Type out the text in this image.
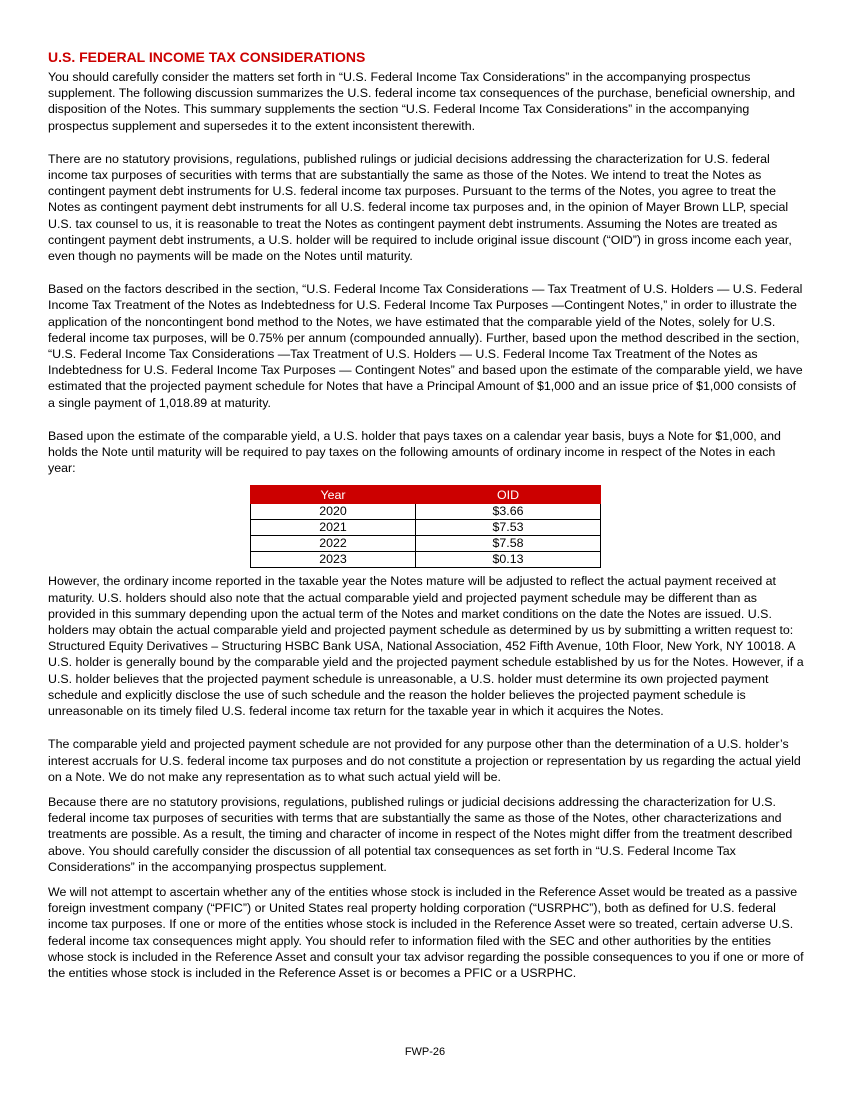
U.S. FEDERAL INCOME TAX CONSIDERATIONS

You should carefully consider the matters set forth in “U.S. Federal Income Tax Considerations” in the accompanying prospectus supplement. The following discussion summarizes the U.S. federal income tax consequences of the purchase, beneficial ownership, and disposition of the Notes. This summary supplements the section “U.S. Federal Income Tax Considerations” in the accompanying prospectus supplement and supersedes it to the extent inconsistent therewith.

There are no statutory provisions, regulations, published rulings or judicial decisions addressing the characterization for U.S. federal income tax purposes of securities with terms that are substantially the same as those of the Notes. We intend to treat the Notes as contingent payment debt instruments for U.S. federal income tax purposes. Pursuant to the terms of the Notes, you agree to treat the Notes as contingent payment debt instruments for all U.S. federal income tax purposes and, in the opinion of Mayer Brown LLP, special U.S. tax counsel to us, it is reasonable to treat the Notes as contingent payment debt instruments. Assuming the Notes are treated as contingent payment debt instruments, a U.S. holder will be required to include original issue discount (“OID”) in gross income each year, even though no payments will be made on the Notes until maturity.

Based on the factors described in the section, “U.S. Federal Income Tax Considerations — Tax Treatment of U.S. Holders — U.S. Federal Income Tax Treatment of the Notes as Indebtedness for U.S. Federal Income Tax Purposes —Contingent Notes,” in order to illustrate the application of the noncontingent bond method to the Notes, we have estimated that the comparable yield of the Notes, solely for U.S. federal income tax purposes, will be 0.75% per annum (compounded annually). Further, based upon the method described in the section, “U.S. Federal Income Tax Considerations —Tax Treatment of U.S. Holders — U.S. Federal Income Tax Treatment of the Notes as Indebtedness for U.S. Federal Income Tax Purposes — Contingent Notes” and based upon the estimate of the comparable yield, we have estimated that the projected payment schedule for Notes that have a Principal Amount of $1,000 and an issue price of $1,000 consists of a single payment of 1,018.89 at maturity.

Based upon the estimate of the comparable yield, a U.S. holder that pays taxes on a calendar year basis, buys a Note for $1,000, and holds the Note until maturity will be required to pay taxes on the following amounts of ordinary income in respect of the Notes in each year:

Year	OID
2020	$3.66
2021	$7.53
2022	$7.58
2023	$0.13

However, the ordinary income reported in the taxable year the Notes mature will be adjusted to reflect the actual payment received at maturity. U.S. holders should also note that the actual comparable yield and projected payment schedule may be different than as provided in this summary depending upon the actual term of the Notes and market conditions on the date the Notes are issued. U.S. holders may obtain the actual comparable yield and projected payment schedule as determined by us by submitting a written request to: Structured Equity Derivatives – Structuring HSBC Bank USA, National Association, 452 Fifth Avenue, 10th Floor, New York, NY 10018. A U.S. holder is generally bound by the comparable yield and the projected payment schedule established by us for the Notes. However, if a U.S. holder believes that the projected payment schedule is unreasonable, a U.S. holder must determine its own projected payment schedule and explicitly disclose the use of such schedule and the reason the holder believes the projected payment schedule is unreasonable on its timely filed U.S. federal income tax return for the taxable year in which it acquires the Notes.

The comparable yield and projected payment schedule are not provided for any purpose other than the determination of a U.S. holder’s interest accruals for U.S. federal income tax purposes and do not constitute a projection or representation by us regarding the actual yield on a Note. We do not make any representation as to what such actual yield will be.

Because there are no statutory provisions, regulations, published rulings or judicial decisions addressing the characterization for U.S. federal income tax purposes of securities with terms that are substantially the same as those of the Notes, other characterizations and treatments are possible. As a result, the timing and character of income in respect of the Notes might differ from the treatment described above. You should carefully consider the discussion of all potential tax consequences as set forth in “U.S. Federal Income Tax Considerations” in the accompanying prospectus supplement.

We will not attempt to ascertain whether any of the entities whose stock is included in the Reference Asset would be treated as a passive foreign investment company (“PFIC”) or United States real property holding corporation (“USRPHC”), both as defined for U.S. federal income tax purposes. If one or more of the entities whose stock is included in the Reference Asset were so treated, certain adverse U.S. federal income tax consequences might apply. You should refer to information filed with the SEC and other authorities by the entities whose stock is included in the Reference Asset and consult your tax advisor regarding the possible consequences to you if one or more of the entities whose stock is included in the Reference Asset is or becomes a PFIC or a USRPHC.

FWP-26
